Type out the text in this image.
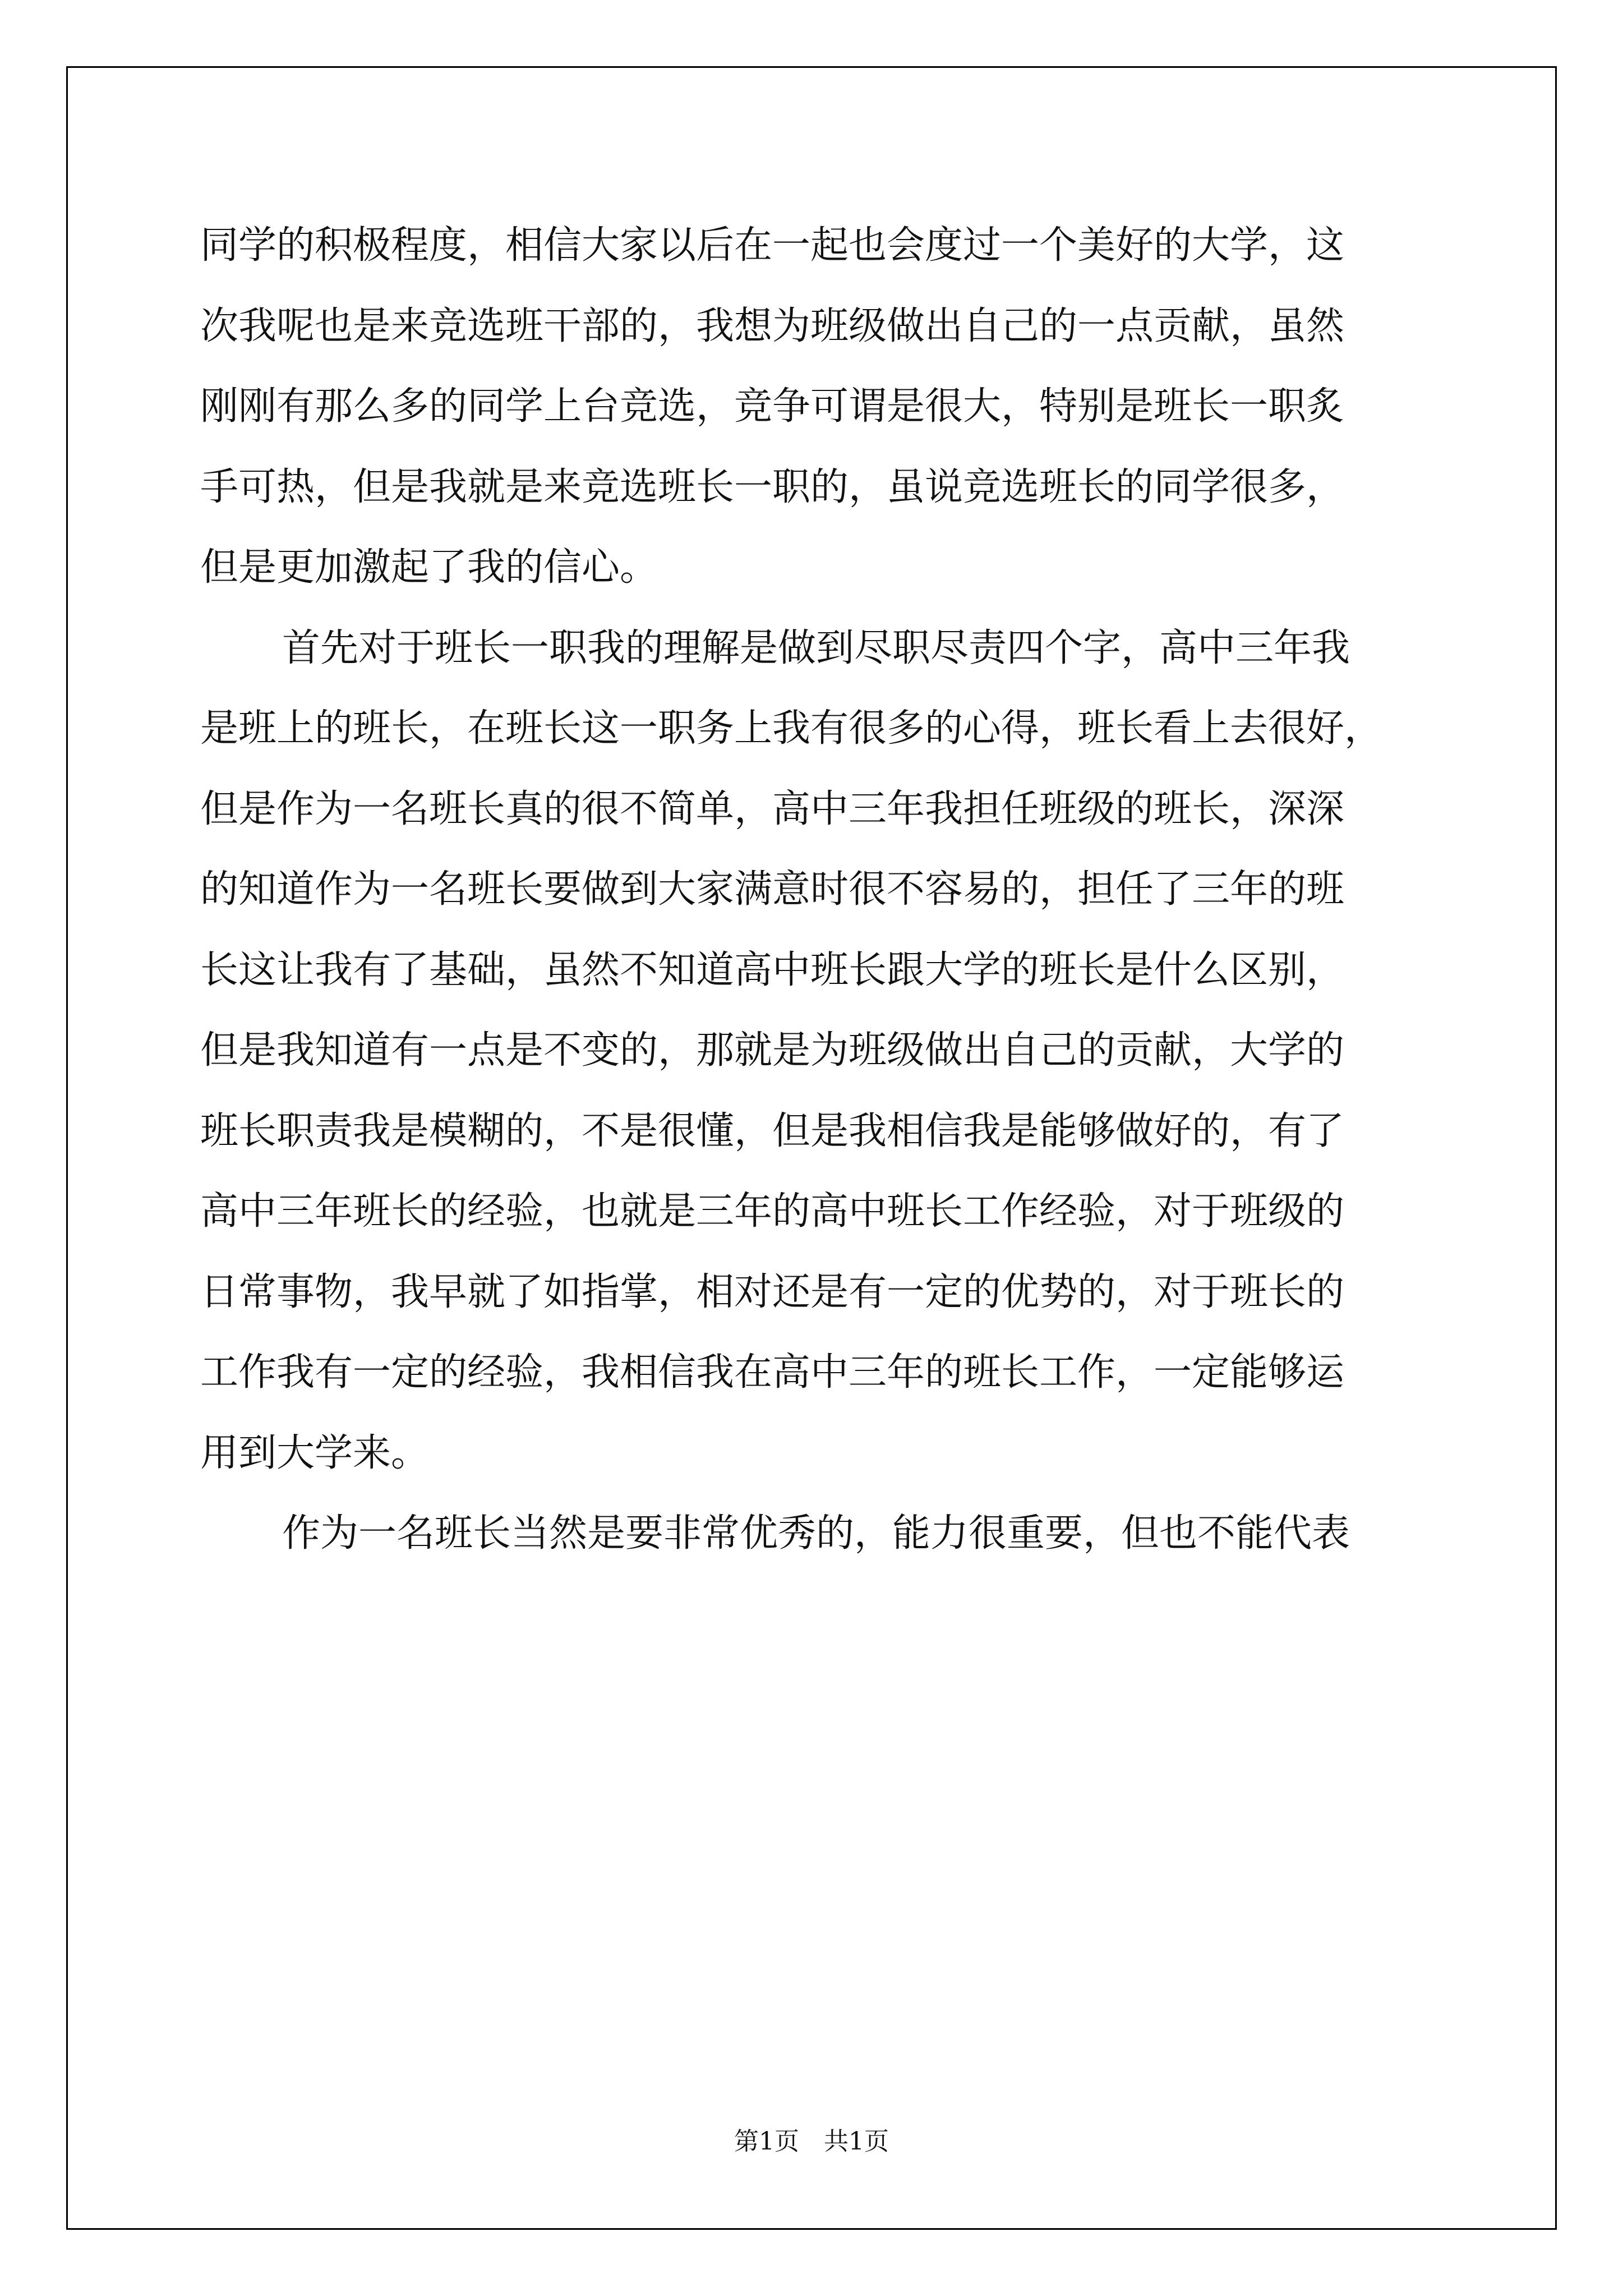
同学的积极程度，相信大家以后在一起也会度过一个美好的大学，这
次我呢也是来竞选班干部的，我想为班级做出自己的一点贡献，虽然
刚刚有那么多的同学上台竞选，竞争可谓是很大，特别是班长一职炙
手可热，但是我就是来竞选班长一职的，虽说竞选班长的同学很多，
但是更加激起了我的信心。
首先对于班长一职我的理解是做到尽职尽责四个字，高中三年我
是班上的班长，在班长这一职务上我有很多的心得，班长看上去很好，
但是作为一名班长真的很不简单，高中三年我担任班级的班长，深深
的知道作为一名班长要做到大家满意时很不容易的，担任了三年的班
长这让我有了基础，虽然不知道高中班长跟大学的班长是什么区别，
但是我知道有一点是不变的，那就是为班级做出自己的贡献，大学的
班长职责我是模糊的，不是很懂，但是我相信我是能够做好的，有了
高中三年班长的经验，也就是三年的高中班长工作经验，对于班级的
日常事物，我早就了如指掌，相对还是有一定的优势的，对于班长的
工作我有一定的经验，我相信我在高中三年的班长工作，一定能够运
用到大学来。
作为一名班长当然是要非常优秀的，能力很重要，但也不能代表
第1页　共1页
